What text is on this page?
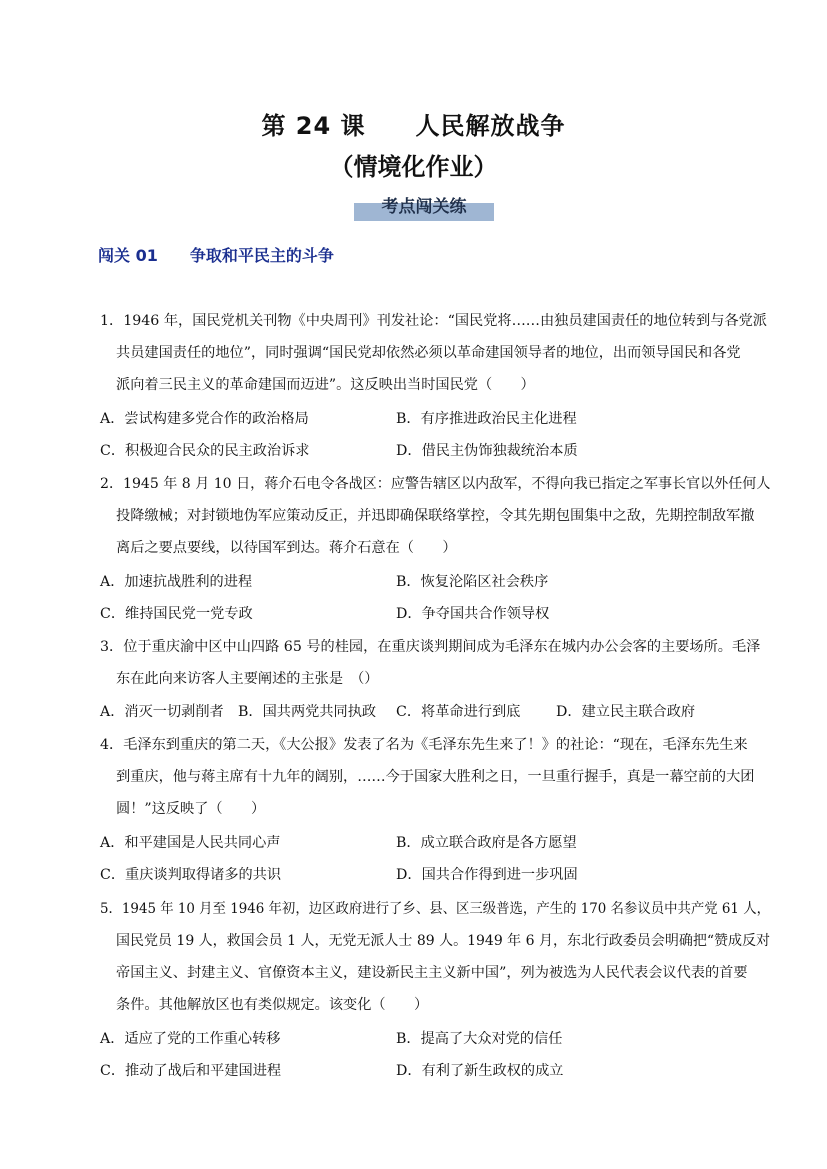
第 24 课　　人民解放战争
（情境化作业）
考点闯关练
闯关 01　　争取和平民主的斗争
1．1946 年，国民党机关刊物《中央周刊》刊发社论：“国民党将……由独员建国责任的地位转到与各党派
共员建国责任的地位”，同时强调“国民党却依然必须以革命建国领导者的地位，出而领导国民和各党
派向着三民主义的革命建国而迈进”。这反映出当时国民党（　　）
A．尝试构建多党合作的政治格局	B．有序推进政治民主化进程
C．积极迎合民众的民主政治诉求	D．借民主伪饰独裁统治本质
2．1945 年 8 月 10 日，蒋介石电令各战区：应警告辖区以内敌军，不得向我已指定之军事长官以外任何人
投降缴械；对封锁地伪军应策动反正，并迅即确保联络掌控，令其先期包围集中之敌，先期控制敌军撤
离后之要点要线，以待国军到达。蒋介石意在（　　）
A．加速抗战胜利的进程	B．恢复沦陷区社会秩序
C．维持国民党一党专政	D．争夺国共合作领导权
3．位于重庆渝中区中山四路 65 号的桂园，在重庆谈判期间成为毛泽东在城内办公会客的主要场所。毛泽
东在此向来访客人主要阐述的主张是　（）
A．消灭一切剥削者 B．国共两党共同执政 C．将革命进行到底	D．建立民主联合政府
4．毛泽东到重庆的第二天，《大公报》发表了名为《毛泽东先生来了！》的社论：“现在，毛泽东先生来
到重庆，他与蒋主席有十九年的阔别，……今于国家大胜利之日，一旦重行握手，真是一幕空前的大团
圆！”这反映了（　　）
A．和平建国是人民共同心声	B．成立联合政府是各方愿望
C．重庆谈判取得诸多的共识	D．国共合作得到进一步巩固
5．1945 年 10 月至 1946 年初，边区政府进行了乡、县、区三级普选，产生的 170 名参议员中共产党 61 人，
国民党员 19 人，救国会员 1 人，无党无派人士 89 人。1949 年 6 月，东北行政委员会明确把“赞成反对
帝国主义、封建主义、官僚资本主义，建设新民主主义新中国”，列为被选为人民代表会议代表的首要
条件。其他解放区也有类似规定。该变化（　　）
A．适应了党的工作重心转移	B．提高了大众对党的信任
C．推动了战后和平建国进程	D．有利了新生政权的成立
